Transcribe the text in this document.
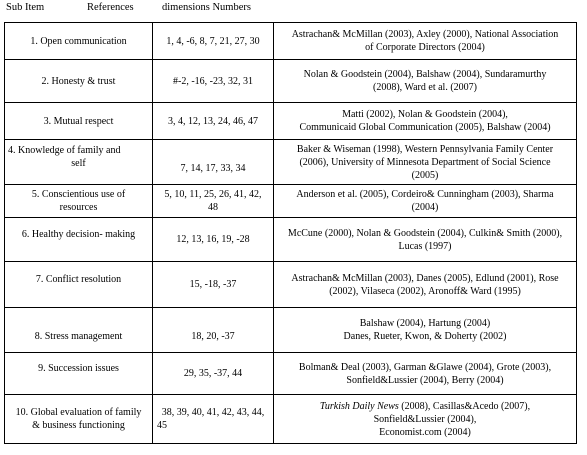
Sub Item	References	dimensions Numbers
1. Open communication	1, 4, -6, 8, 7, 21, 27, 30	Astrachan& McMillan (2003), Axley (2000), National Association
of Corporate Directors (2004)

2. Honesty & trust	#-2, -16, -23, 32, 31	Nolan & Goodstein (2004), Balshaw (2004), Sundaramurthy
(2008), Ward et al. (2007)

3. Mutual respect	3, 4, 12, 13, 24, 46, 47	Matti (2002), Nolan & Goodstein (2004),
Communicaid Global Communication (2005), Balshaw (2004)

4. Knowledge of family and
self	7, 14, 17, 33, 34	Baker & Wiseman (1998), Western Pennsylvania Family Center
(2006), University of Minnesota Department of Social Science
(2005)

5. Conscientious use of
resources	5, 10, 11, 25, 26, 41, 42,
48	Anderson et al. (2005), Cordeiro& Cunningham (2003), Sharma
(2004)

6. Healthy decision- making	12, 13, 16, 19, -28	McCune (2000), Nolan & Goodstein (2004), Culkin& Smith (2000),
Lucas (1997)

7. Conflict resolution	15, -18, -37	Astrachan& McMillan (2003), Danes (2005), Edlund (2001), Rose
(2002), Vilaseca (2002), Aronoff& Ward (1995)

8. Stress management	18, 20, -37	Balshaw (2004), Hartung (2004)
Danes, Rueter, Kwon, & Doherty (2002)

9. Succession issues	29, 35, -37, 44	Bolman& Deal (2003), Garman &Glawe (2004), Grote (2003),
Sonfield&Lussier (2004), Berry (2004)

10. Global evaluation of family
& business functioning	38, 39, 40, 41, 42, 43, 44,
45	Turkish Daily News (2008), Casillas&Acedo (2007),
Sonfield&Lussier (2004),
Economist.com (2004)
